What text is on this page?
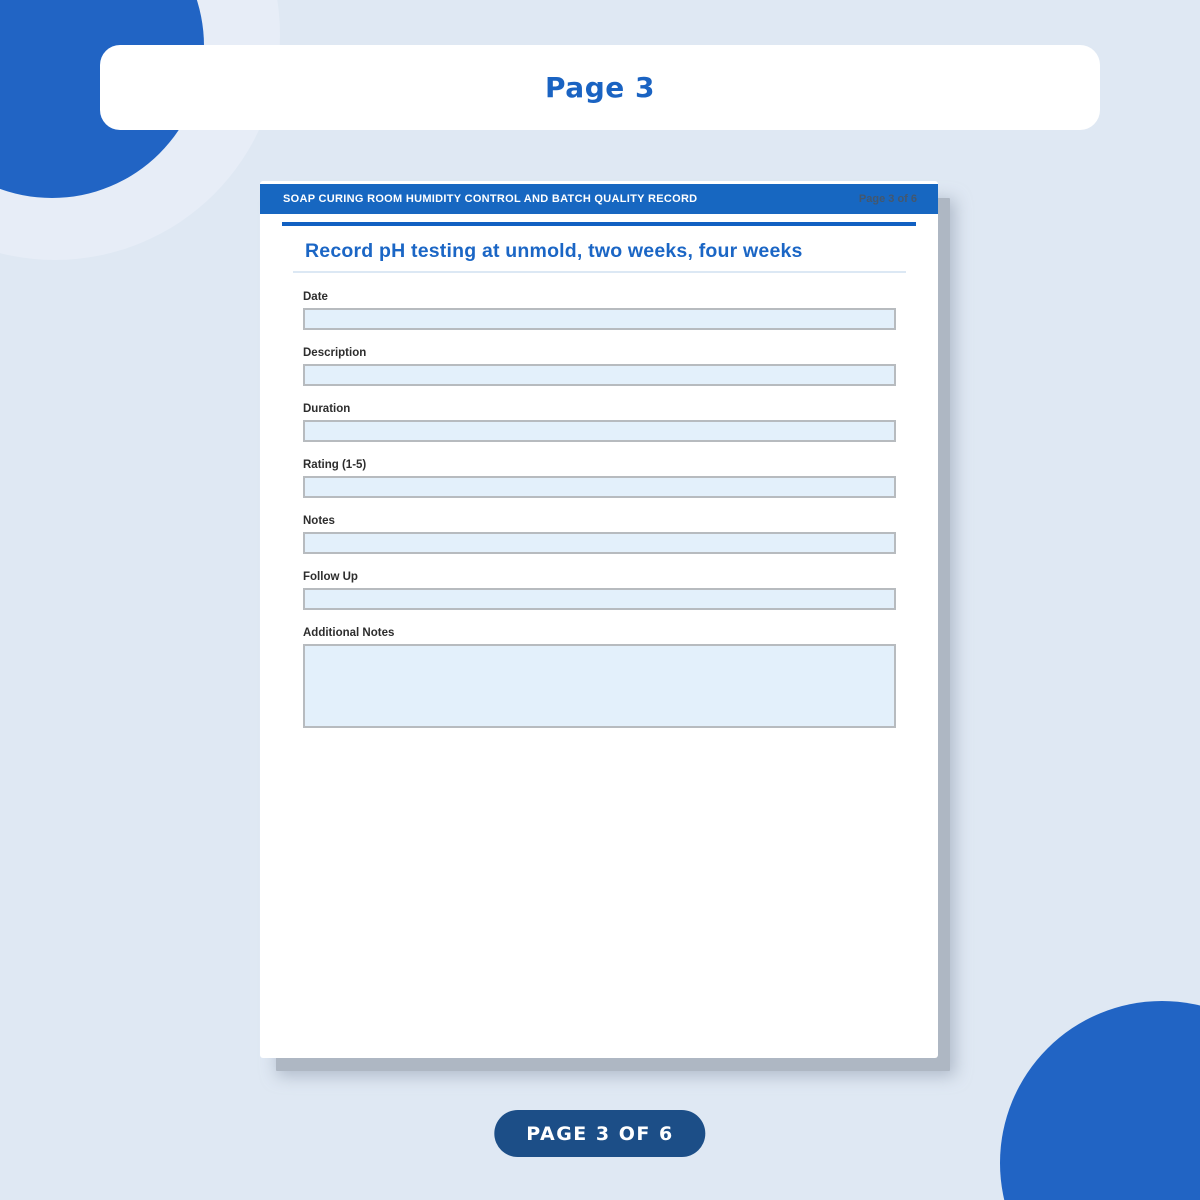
Page 3
SOAP CURING ROOM HUMIDITY CONTROL AND BATCH QUALITY RECORD	Page 3 of 6
Record pH testing at unmold, two weeks, four weeks
Date
Description
Duration
Rating (1-5)
Notes
Follow Up
Additional Notes
PAGE 3 OF 6
